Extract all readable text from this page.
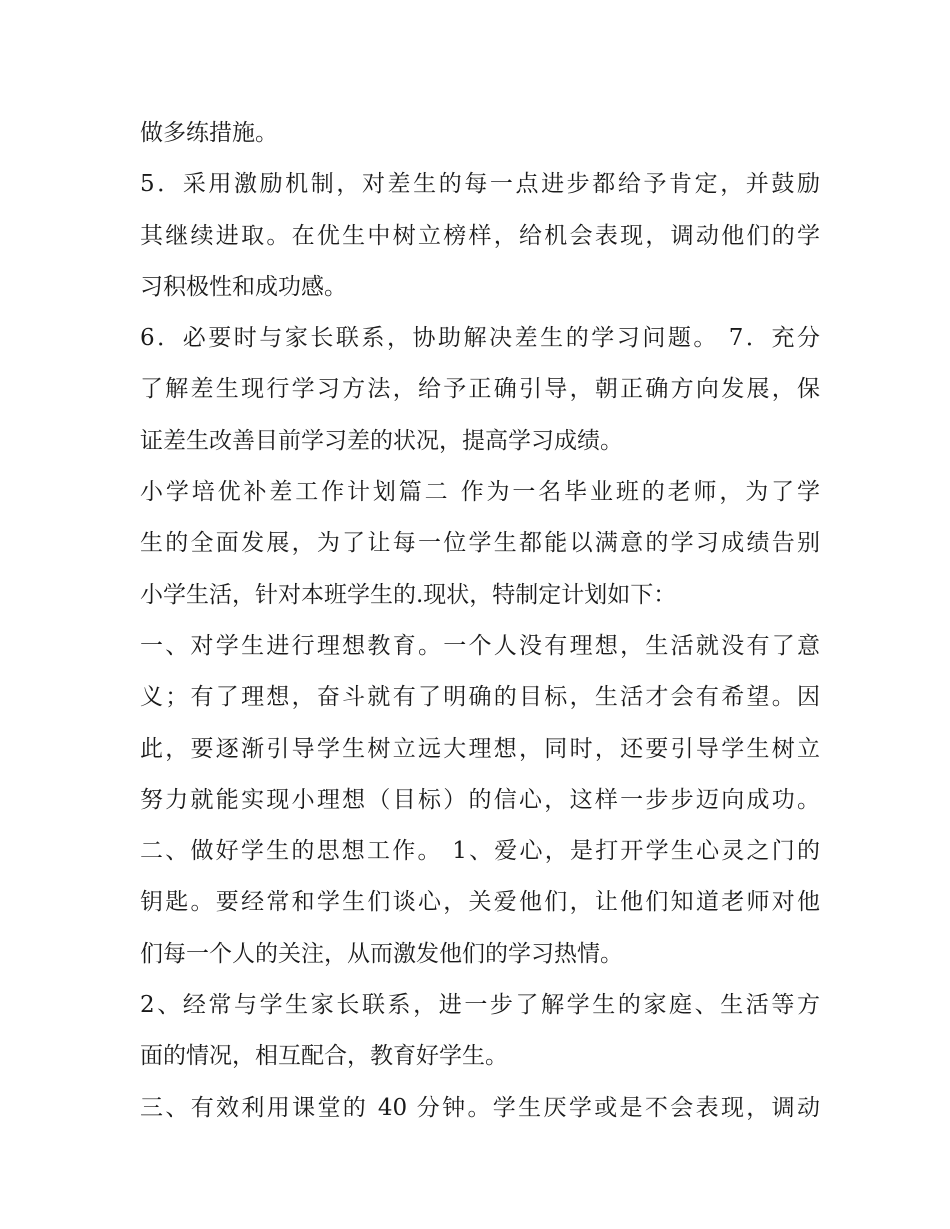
做多练措施。
5．采用激励机制，对差生的每一点进步都给予肯定，并鼓励
其继续进取。在优生中树立榜样，给机会表现，调动他们的学
习积极性和成功感。
6．必要时与家长联系，协助解决差生的学习问题。 7．充分
了解差生现行学习方法，给予正确引导，朝正确方向发展，保
证差生改善目前学习差的状况，提高学习成绩。
小学培优补差工作计划篇二 作为一名毕业班的老师，为了学
生的全面发展，为了让每一位学生都能以满意的学习成绩告别
小学生活，针对本班学生的.现状，特制定计划如下：
一、对学生进行理想教育。一个人没有理想，生活就没有了意
义；有了理想，奋斗就有了明确的目标，生活才会有希望。因
此，要逐渐引导学生树立远大理想，同时，还要引导学生树立
努力就能实现小理想（目标）的信心，这样一步步迈向成功。
二、做好学生的思想工作。 1、爱心，是打开学生心灵之门的
钥匙。要经常和学生们谈心，关爱他们，让他们知道老师对他
们每一个人的关注，从而激发他们的学习热情。
2、经常与学生家长联系，进一步了解学生的家庭、生活等方
面的情况，相互配合，教育好学生。
三、有效利用课堂的 40 分钟。学生厌学或是不会表现，调动
